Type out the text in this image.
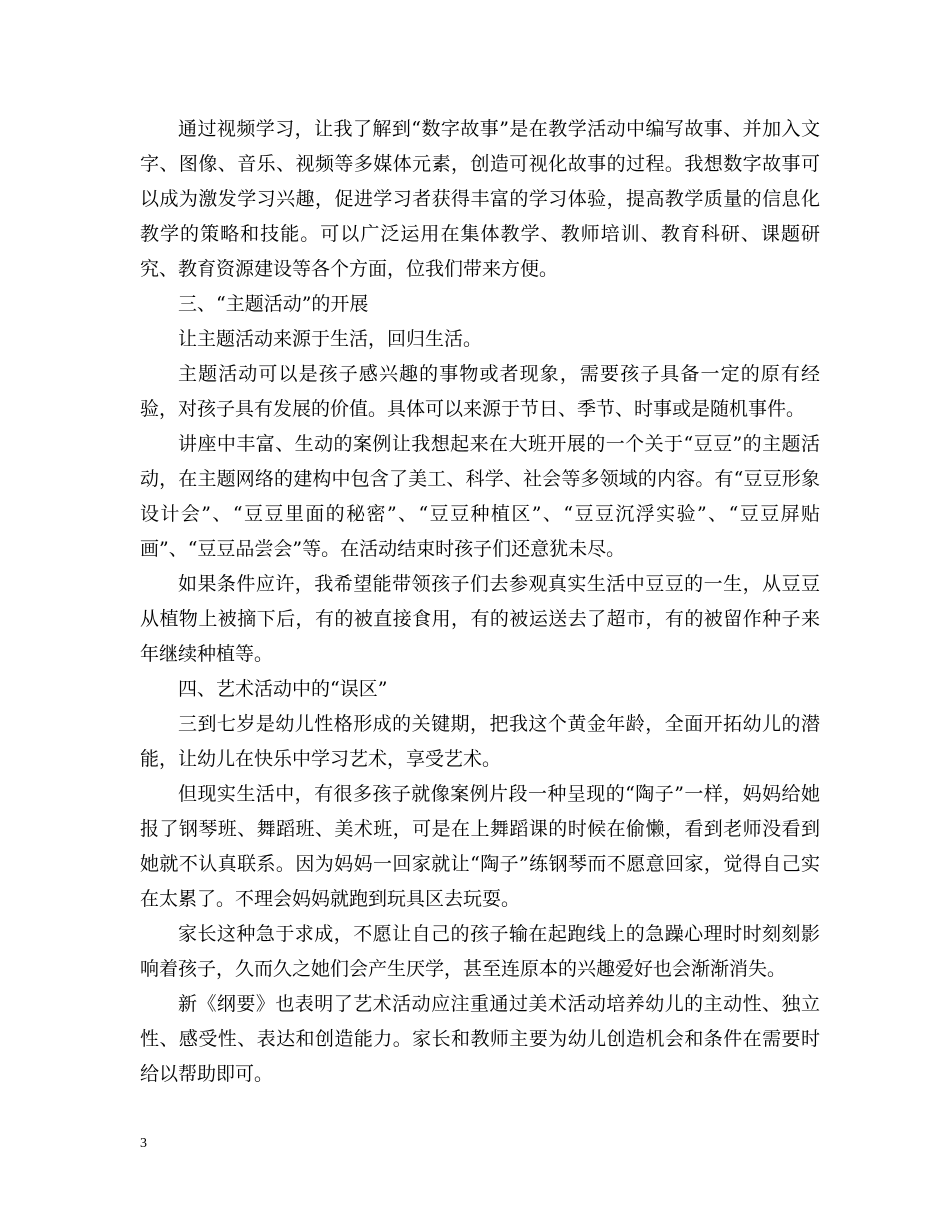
通过视频学习，让我了解到“数字故事”是在教学活动中编写故事、并加入文字、图像、音乐、视频等多媒体元素，创造可视化故事的过程。我想数字故事可以成为激发学习兴趣，促进学习者获得丰富的学习体验，提高教学质量的信息化教学的策略和技能。可以广泛运用在集体教学、教师培训、教育科研、课题研究、教育资源建设等各个方面，位我们带来方便。

三、“主题活动”的开展

让主题活动来源于生活，回归生活。

主题活动可以是孩子感兴趣的事物或者现象，需要孩子具备一定的原有经验，对孩子具有发展的价值。具体可以来源于节日、季节、时事或是随机事件。

讲座中丰富、生动的案例让我想起来在大班开展的一个关于“豆豆”的主题活动，在主题网络的建构中包含了美工、科学、社会等多领域的内容。有“豆豆形象设计会”、“豆豆里面的秘密”、“豆豆种植区”、“豆豆沉浮实验”、“豆豆屏贴画”、“豆豆品尝会”等。在活动结束时孩子们还意犹未尽。

如果条件应许，我希望能带领孩子们去参观真实生活中豆豆的一生，从豆豆从植物上被摘下后，有的被直接食用，有的被运送去了超市，有的被留作种子来年继续种植等。

四、艺术活动中的“误区”

三到七岁是幼儿性格形成的关键期，把我这个黄金年龄，全面开拓幼儿的潜能，让幼儿在快乐中学习艺术，享受艺术。

但现实生活中，有很多孩子就像案例片段一种呈现的“陶子”一样，妈妈给她报了钢琴班、舞蹈班、美术班，可是在上舞蹈课的时候在偷懒，看到老师没看到她就不认真联系。因为妈妈一回家就让“陶子”练钢琴而不愿意回家，觉得自己实在太累了。不理会妈妈就跑到玩具区去玩耍。

家长这种急于求成，不愿让自己的孩子输在起跑线上的急躁心理时时刻刻影响着孩子，久而久之她们会产生厌学，甚至连原本的兴趣爱好也会渐渐消失。

新《纲要》也表明了艺术活动应注重通过美术活动培养幼儿的主动性、独立性、感受性、表达和创造能力。家长和教师主要为幼儿创造机会和条件在需要时给以帮助即可。

3
